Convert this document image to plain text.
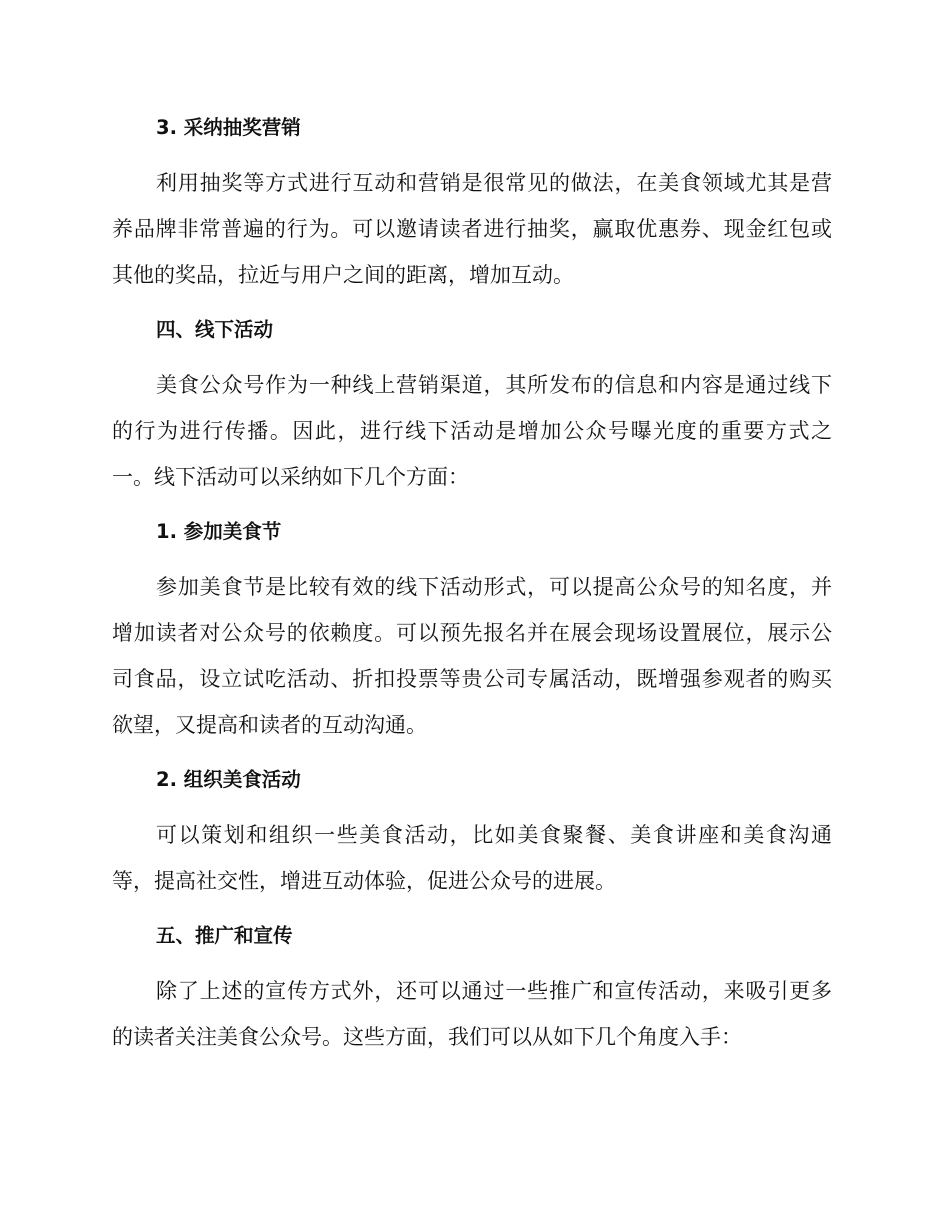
3. 采纳抽奖营销
利用抽奖等方式进行互动和营销是很常见的做法，在美食领域尤其是营
养品牌非常普遍的行为。可以邀请读者进行抽奖，赢取优惠券、现金红包或
其他的奖品，拉近与用户之间的距离，增加互动。
四、线下活动
美食公众号作为一种线上营销渠道，其所发布的信息和内容是通过线下
的行为进行传播。因此，进行线下活动是增加公众号曝光度的重要方式之
一。线下活动可以采纳如下几个方面：
1. 参加美食节
参加美食节是比较有效的线下活动形式，可以提高公众号的知名度，并
增加读者对公众号的依赖度。可以预先报名并在展会现场设置展位，展示公
司食品，设立试吃活动、折扣投票等贵公司专属活动，既增强参观者的购买
欲望，又提高和读者的互动沟通。
2. 组织美食活动
可以策划和组织一些美食活动，比如美食聚餐、美食讲座和美食沟通
等，提高社交性，增进互动体验，促进公众号的进展。
五、推广和宣传
除了上述的宣传方式外，还可以通过一些推广和宣传活动，来吸引更多
的读者关注美食公众号。这些方面，我们可以从如下几个角度入手：
